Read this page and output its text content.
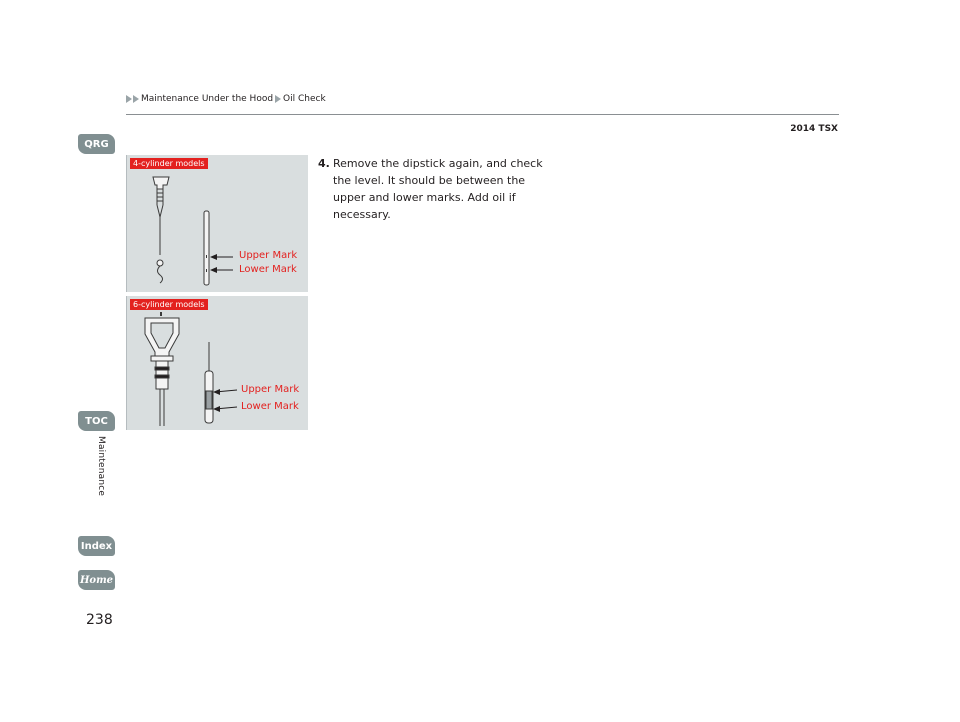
Maintenance Under the Hood Oil Check
2014 TSX
QRG
TOC
Maintenance
Index
Home
238
4-cylinder models
Upper Mark
Lower Mark
6-cylinder models
Upper Mark
Lower Mark
4. Remove the dipstick again, and check the level. It should be between the upper and lower marks. Add oil if necessary.
